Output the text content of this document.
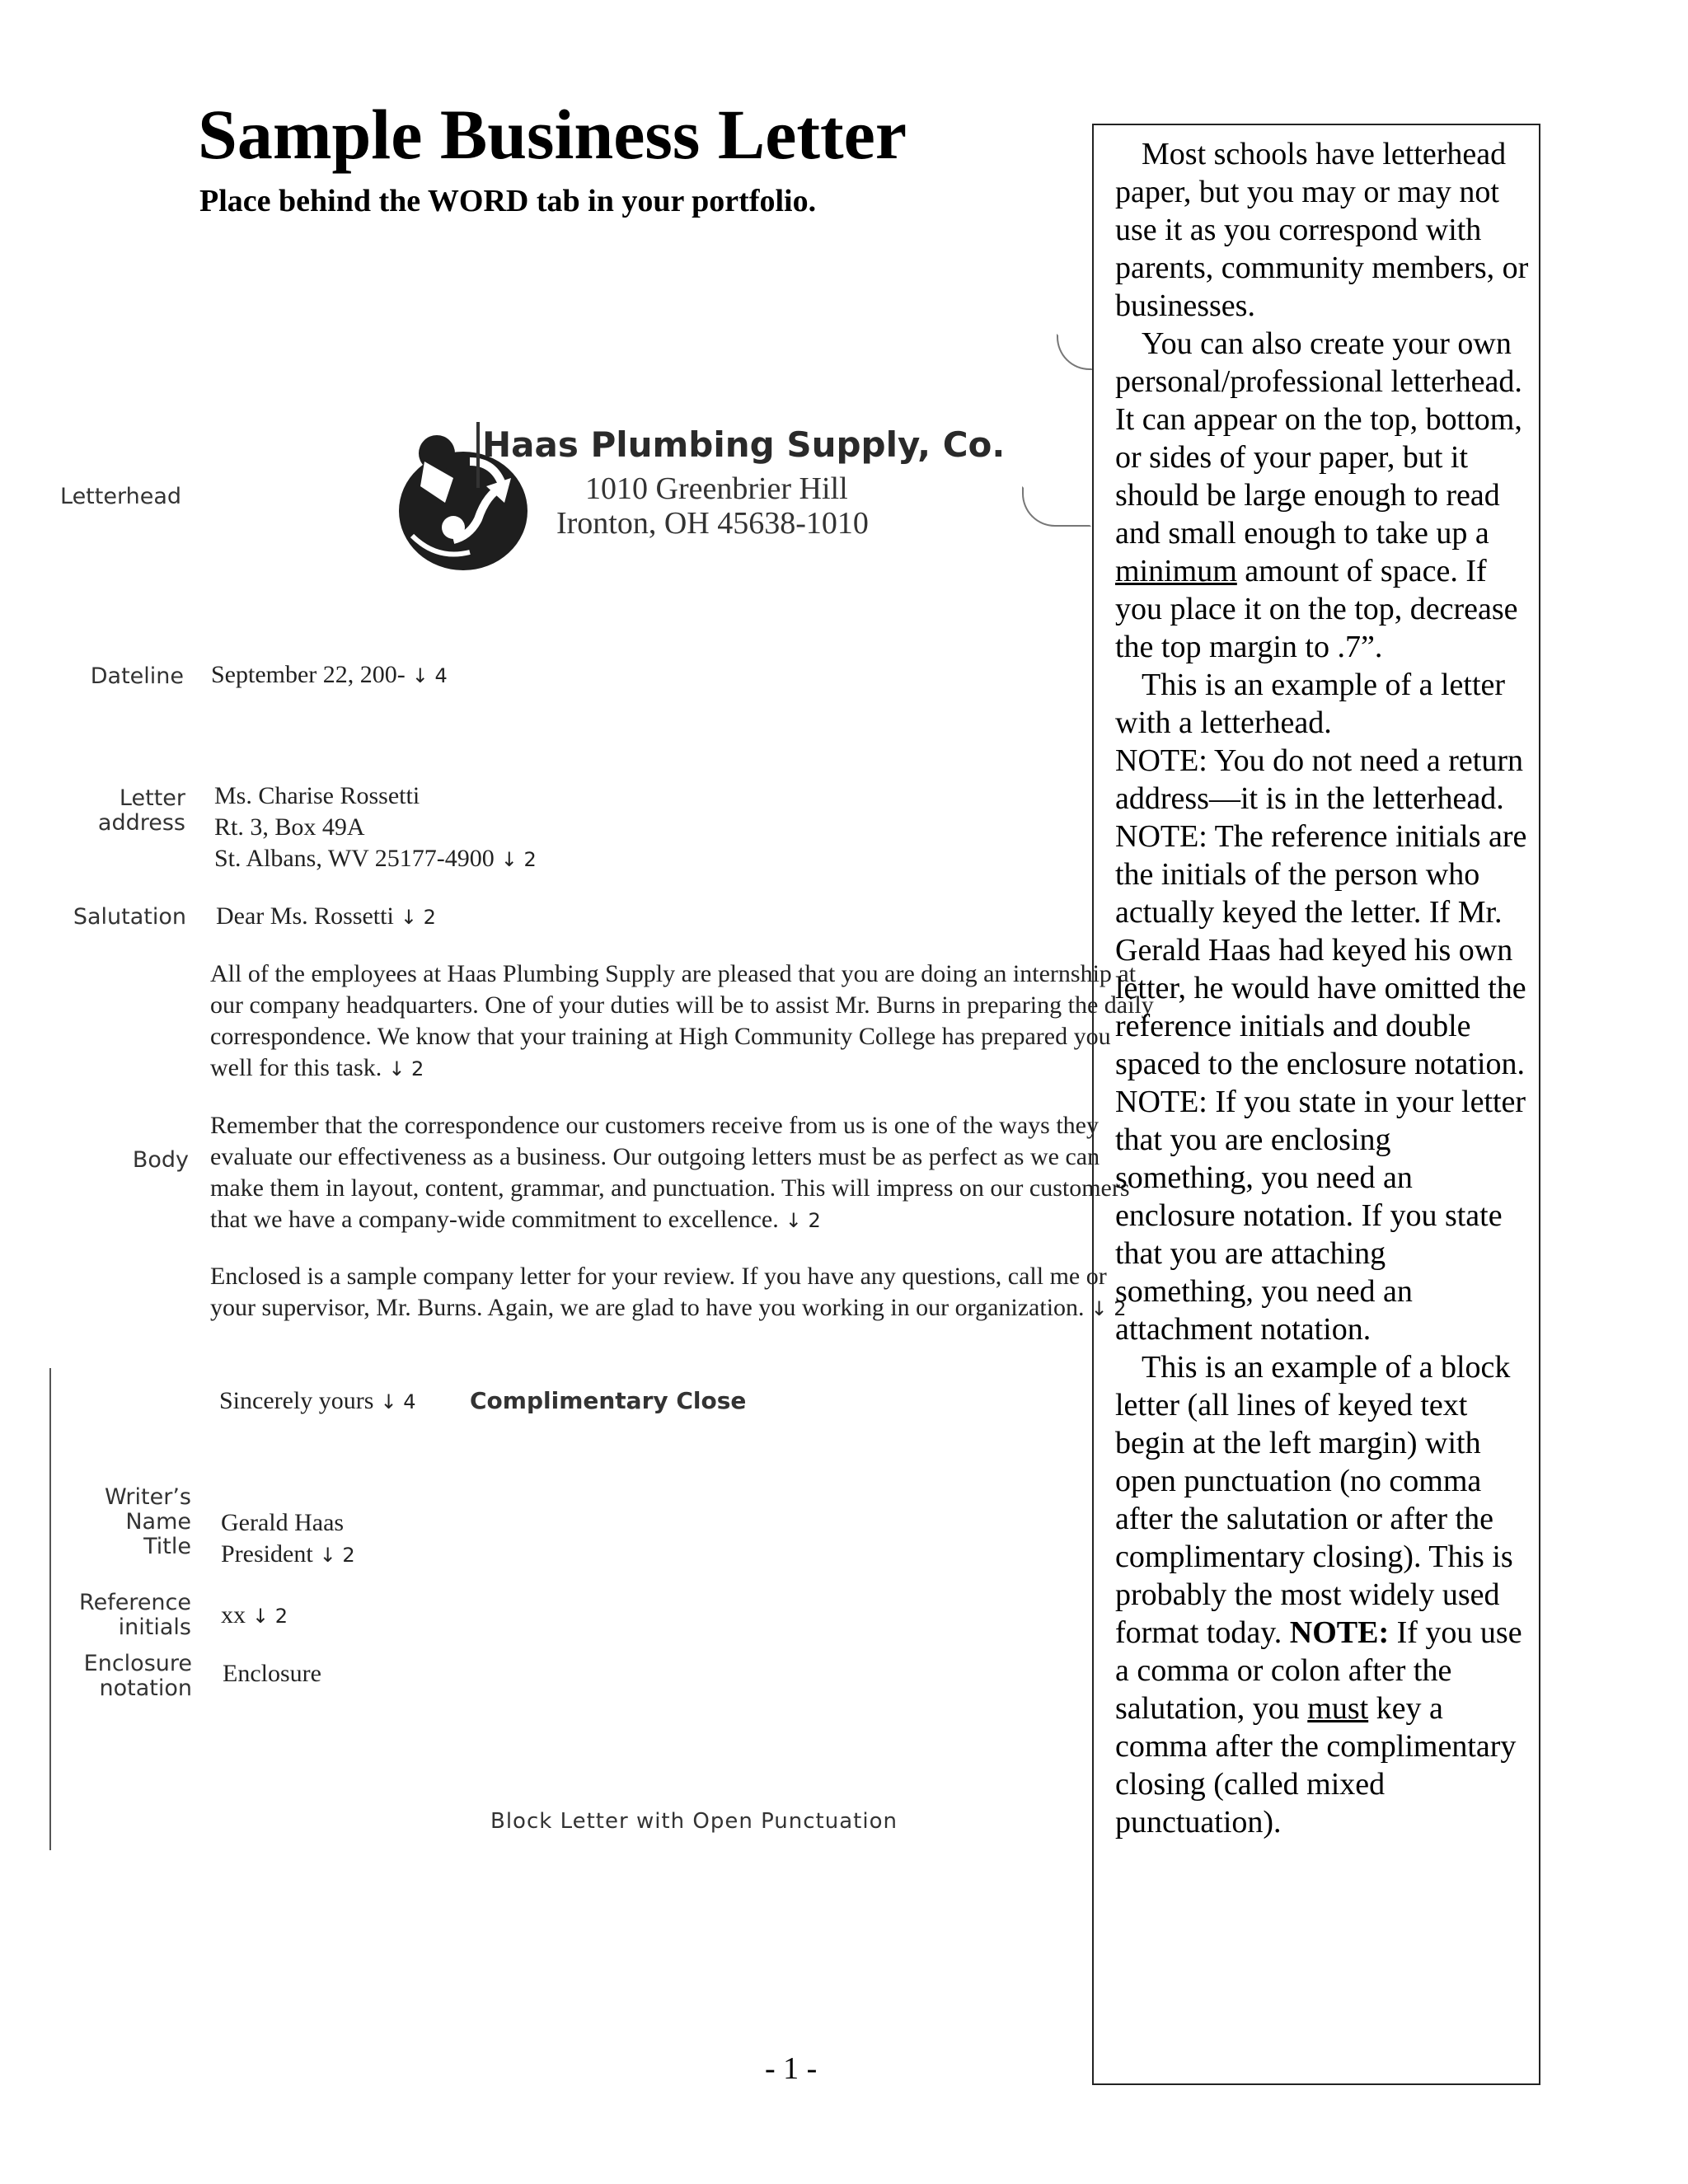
Sample Business Letter
Place behind the WORD tab in your portfolio.
Haas Plumbing Supply, Co.
1010 Greenbrier Hill
Ironton, OH 45638-1010
Letterhead
Dateline
Letter
address
Salutation
Body
Writer’s
Name
Title
Reference
initials
Enclosure
notation
September 22, 200- ↓ 4
Ms. Charise Rossetti
Rt. 3, Box 49A
St. Albans, WV 25177-4900 ↓ 2
Dear Ms. Rossetti ↓ 2
All of the employees at Haas Plumbing Supply are pleased that you are doing an internship at our company headquarters. One of your duties will be to assist Mr. Burns in preparing the daily correspondence. We know that your training at High Community College has prepared you well for this task. ↓ 2
Remember that the correspondence our customers receive from us is one of the ways they evaluate our effectiveness as a business. Our outgoing letters must be as perfect as we can make them in layout, content, grammar, and punctuation. This will impress on our customers that we have a company-wide commitment to excellence. ↓ 2
Enclosed is a sample company letter for your review. If you have any questions, call me or your supervisor, Mr. Burns. Again, we are glad to have you working in our organization. ↓ 2
Sincerely yours ↓ 4 Complimentary Close
Gerald Haas
President ↓ 2
xx ↓ 2
Enclosure
Block Letter with Open Punctuation
- 1 -

Most schools have letterhead paper, but you may or may not use it as you correspond with parents, community members, or businesses.

You can also create your own personal/professional letterhead. It can appear on the top, bottom, or sides of your paper, but it should be large enough to read and small enough to take up a minimum amount of space. If you place it on the top, decrease the top margin to .7”.

This is an example of a letter with a letterhead.

NOTE: You do not need a return address—it is in the letterhead.

NOTE: The reference initials are the initials of the person who actually keyed the letter. If Mr. Gerald Haas had keyed his own letter, he would have omitted the reference initials and double spaced to the enclosure notation.

NOTE: If you state in your letter that you are enclosing something, you need an enclosure notation. If you state that you are attaching something, you need an attachment notation.

This is an example of a block letter (all lines of keyed text begin at the left margin) with open punctuation (no comma after the salutation or after the complimentary closing). This is probably the most widely used format today. NOTE: If you use a comma or colon after the salutation, you must key a comma after the complimentary closing (called mixed punctuation).
